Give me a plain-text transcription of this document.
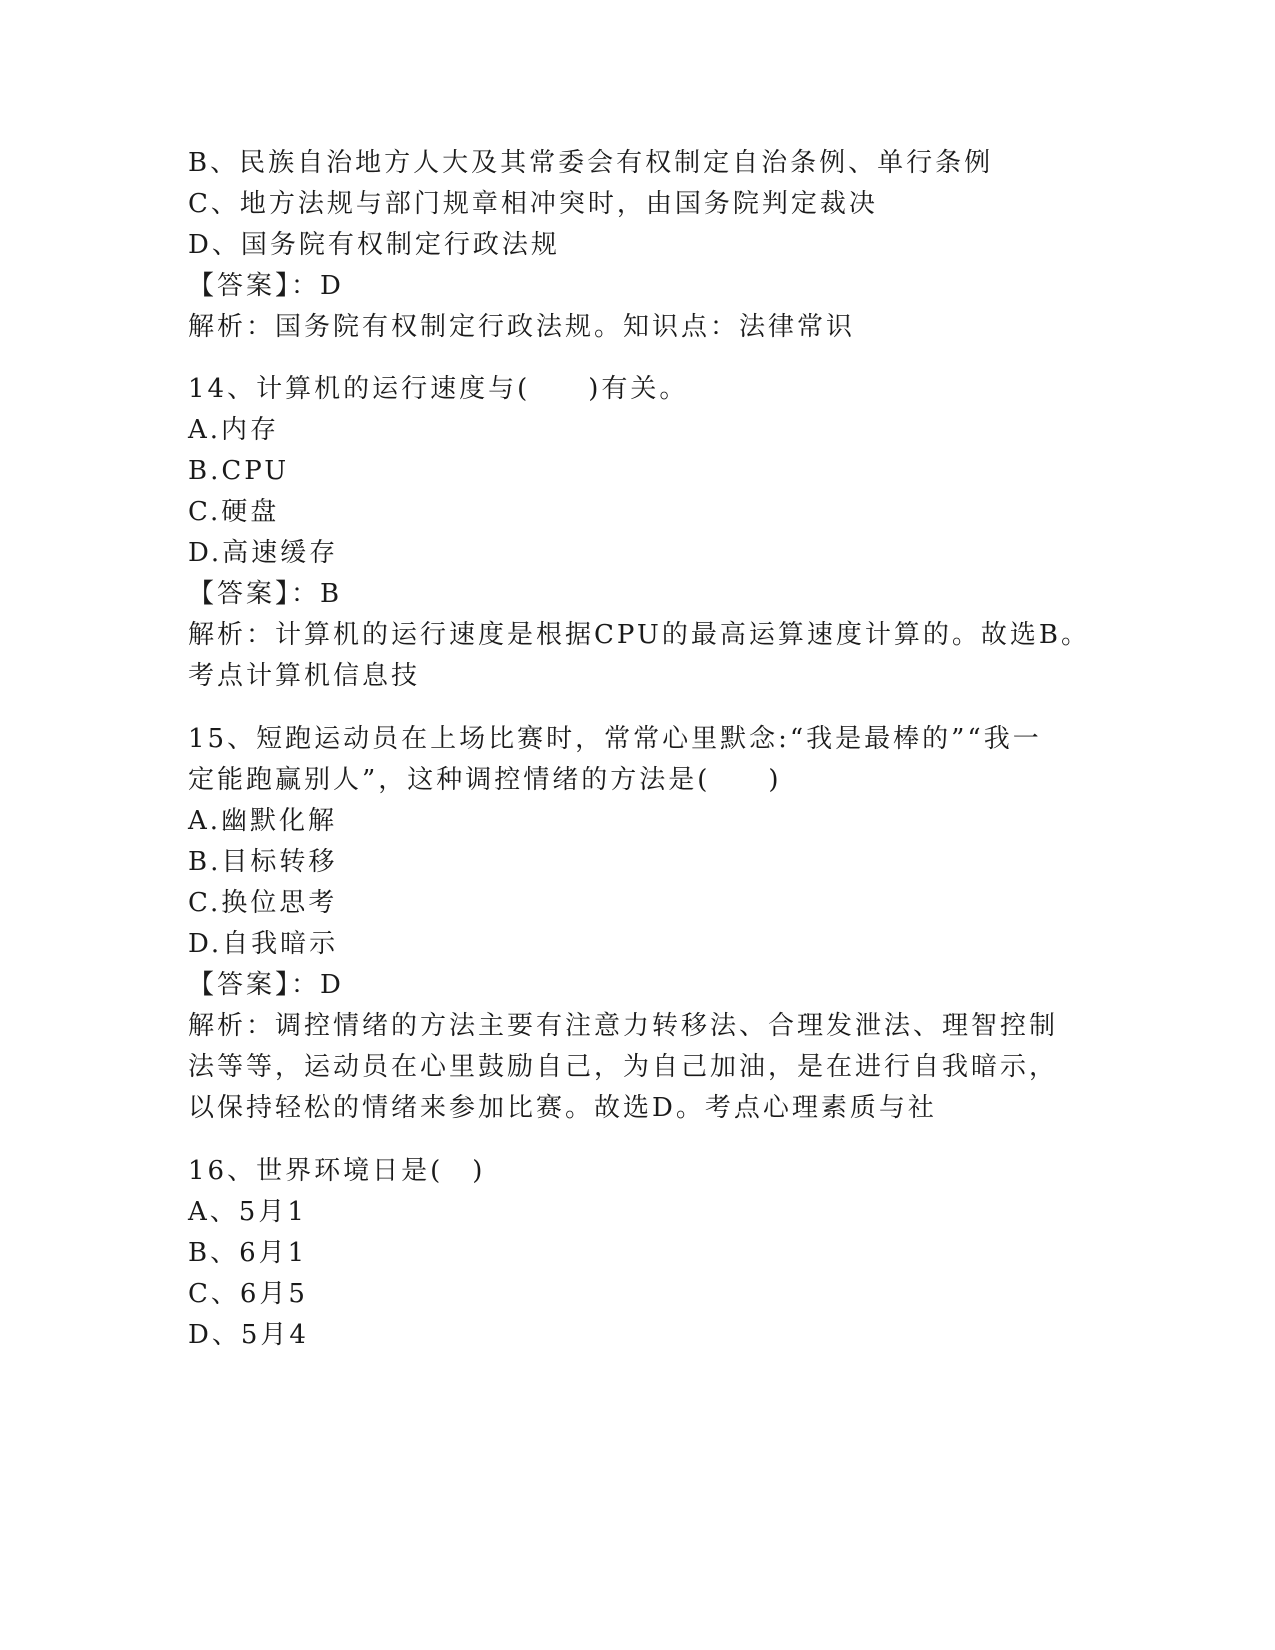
B、民族自治地方人大及其常委会有权制定自治条例、单行条例
C、地方法规与部门规章相冲突时，由国务院判定裁决
D、国务院有权制定行政法规
【答案】：D
解析：国务院有权制定行政法规。知识点：法律常识
14、计算机的运行速度与(　　)有关。
A.内存
B.CPU
C.硬盘
D.高速缓存
【答案】：B
解析：计算机的运行速度是根据CPU的最高运算速度计算的。故选B。
考点计算机信息技
15、短跑运动员在上场比赛时，常常心里默念:“我是最棒的”“我一
定能跑赢别人”，这种调控情绪的方法是(　　)
A.幽默化解
B.目标转移
C.换位思考
D.自我暗示
【答案】：D
解析：调控情绪的方法主要有注意力转移法、合理发泄法、理智控制
法等等，运动员在心里鼓励自己，为自己加油，是在进行自我暗示，
以保持轻松的情绪来参加比赛。故选D。考点心理素质与社
16、世界环境日是(　)
A、5月1
B、6月1
C、6月5
D、5月4
